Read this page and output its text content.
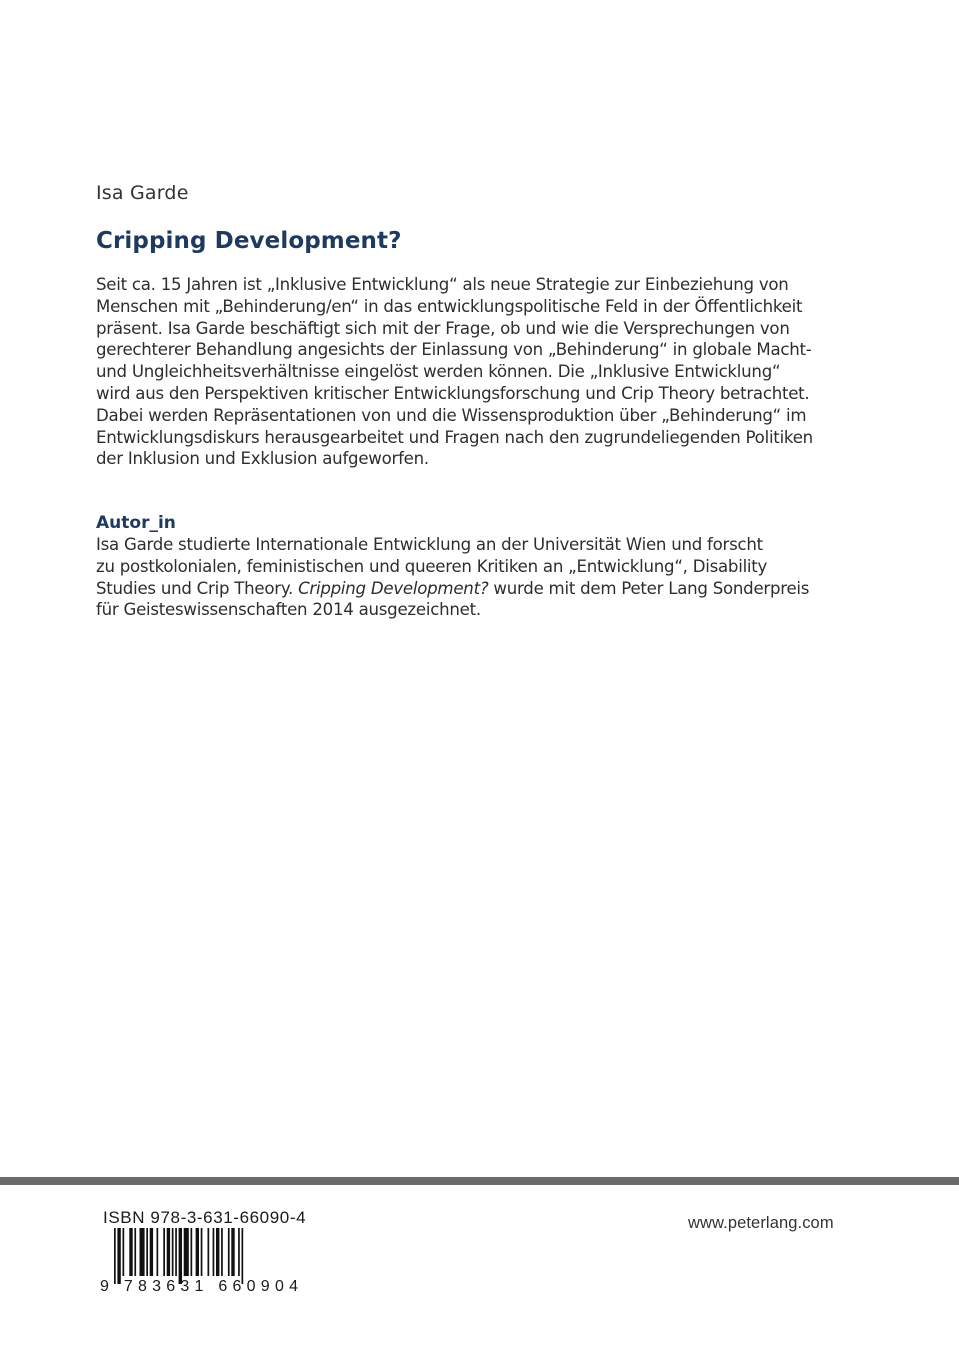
Isa Garde
Cripping Development?
Seit ca. 15 Jahren ist „Inklusive Entwicklung“ als neue Strategie zur Einbeziehung von
Menschen mit „Behinderung/en“ in das entwicklungspolitische Feld in der Öffentlichkeit
präsent. Isa Garde beschäftigt sich mit der Frage, ob und wie die Versprechungen von
gerechterer Behandlung angesichts der Einlassung von „Behinderung“ in globale Macht-
und Ungleichheitsverhältnisse eingelöst werden können. Die „Inklusive Entwicklung“
wird aus den Perspektiven kritischer Entwicklungsforschung und Crip Theory betrachtet.
Dabei werden Repräsentationen von und die Wissensproduktion über „Behinderung“ im
Entwicklungsdiskurs herausgearbeitet und Fragen nach den zugrundeliegenden Politiken
der Inklusion und Exklusion aufgeworfen.
Autor_in
Isa Garde studierte Internationale Entwicklung an der Universität Wien und forscht
zu postkolonialen, feministischen und queeren Kritiken an „Entwicklung“, Disability
Studies und Crip Theory. Cripping Development? wurde mit dem Peter Lang Sonderpreis
für Geisteswissenschaften 2014 ausgezeichnet.
ISBN 978-3-631-66090-4
9 783631 660904
www.peterlang.com
